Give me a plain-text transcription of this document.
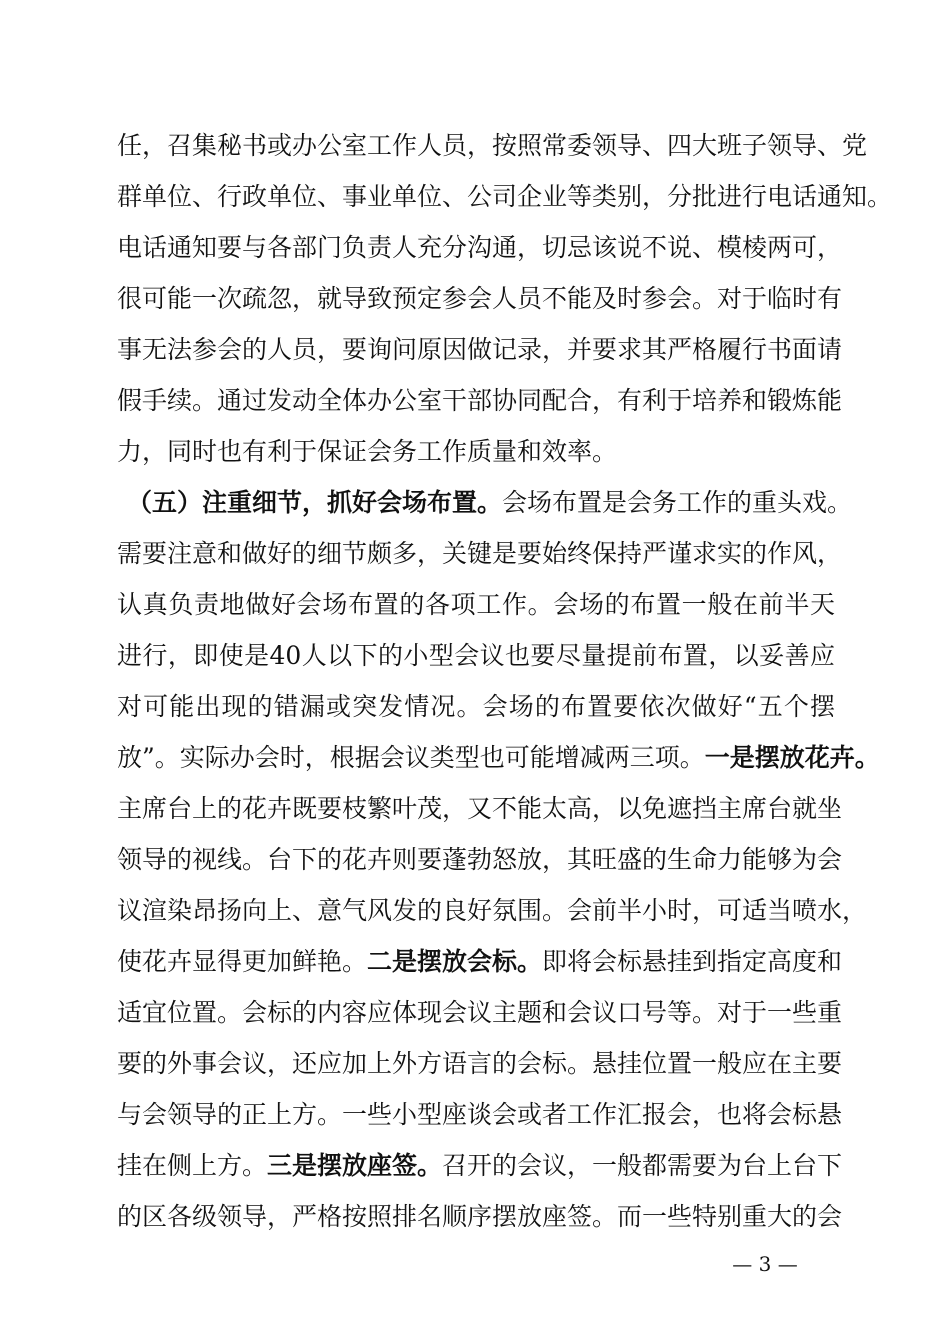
任，召集秘书或办公室工作人员，按照常委领导、四大班子领导、党
群单位、行政单位、事业单位、公司企业等类别，分批进行电话通知。
电话通知要与各部门负责人充分沟通，切忌该说不说、模棱两可，
很可能一次疏忽，就导致预定参会人员不能及时参会。对于临时有
事无法参会的人员，要询问原因做记录，并要求其严格履行书面请
假手续。通过发动全体办公室干部协同配合，有利于培养和锻炼能
力，同时也有利于保证会务工作质量和效率。
（五）注重细节，抓好会场布置。会场布置是会务工作的重头戏。
需要注意和做好的细节颇多，关键是要始终保持严谨求实的作风，
认真负责地做好会场布置的各项工作。会场的布置一般在前半天
进行，即使是40人以下的小型会议也要尽量提前布置，以妥善应
对可能出现的错漏或突发情况。会场的布置要依次做好“五个摆
放”。实际办会时，根据会议类型也可能增减两三项。一是摆放花卉。
主席台上的花卉既要枝繁叶茂，又不能太高，以免遮挡主席台就坐
领导的视线。台下的花卉则要蓬勃怒放，其旺盛的生命力能够为会
议渲染昂扬向上、意气风发的良好氛围。会前半小时，可适当喷水，
使花卉显得更加鲜艳。二是摆放会标。即将会标悬挂到指定高度和
适宜位置。会标的内容应体现会议主题和会议口号等。对于一些重
要的外事会议，还应加上外方语言的会标。悬挂位置一般应在主要
与会领导的正上方。一些小型座谈会或者工作汇报会，也将会标悬
挂在侧上方。三是摆放座签。召开的会议，一般都需要为台上台下
的区各级领导，严格按照排名顺序摆放座签。而一些特别重大的会
— 3 —
